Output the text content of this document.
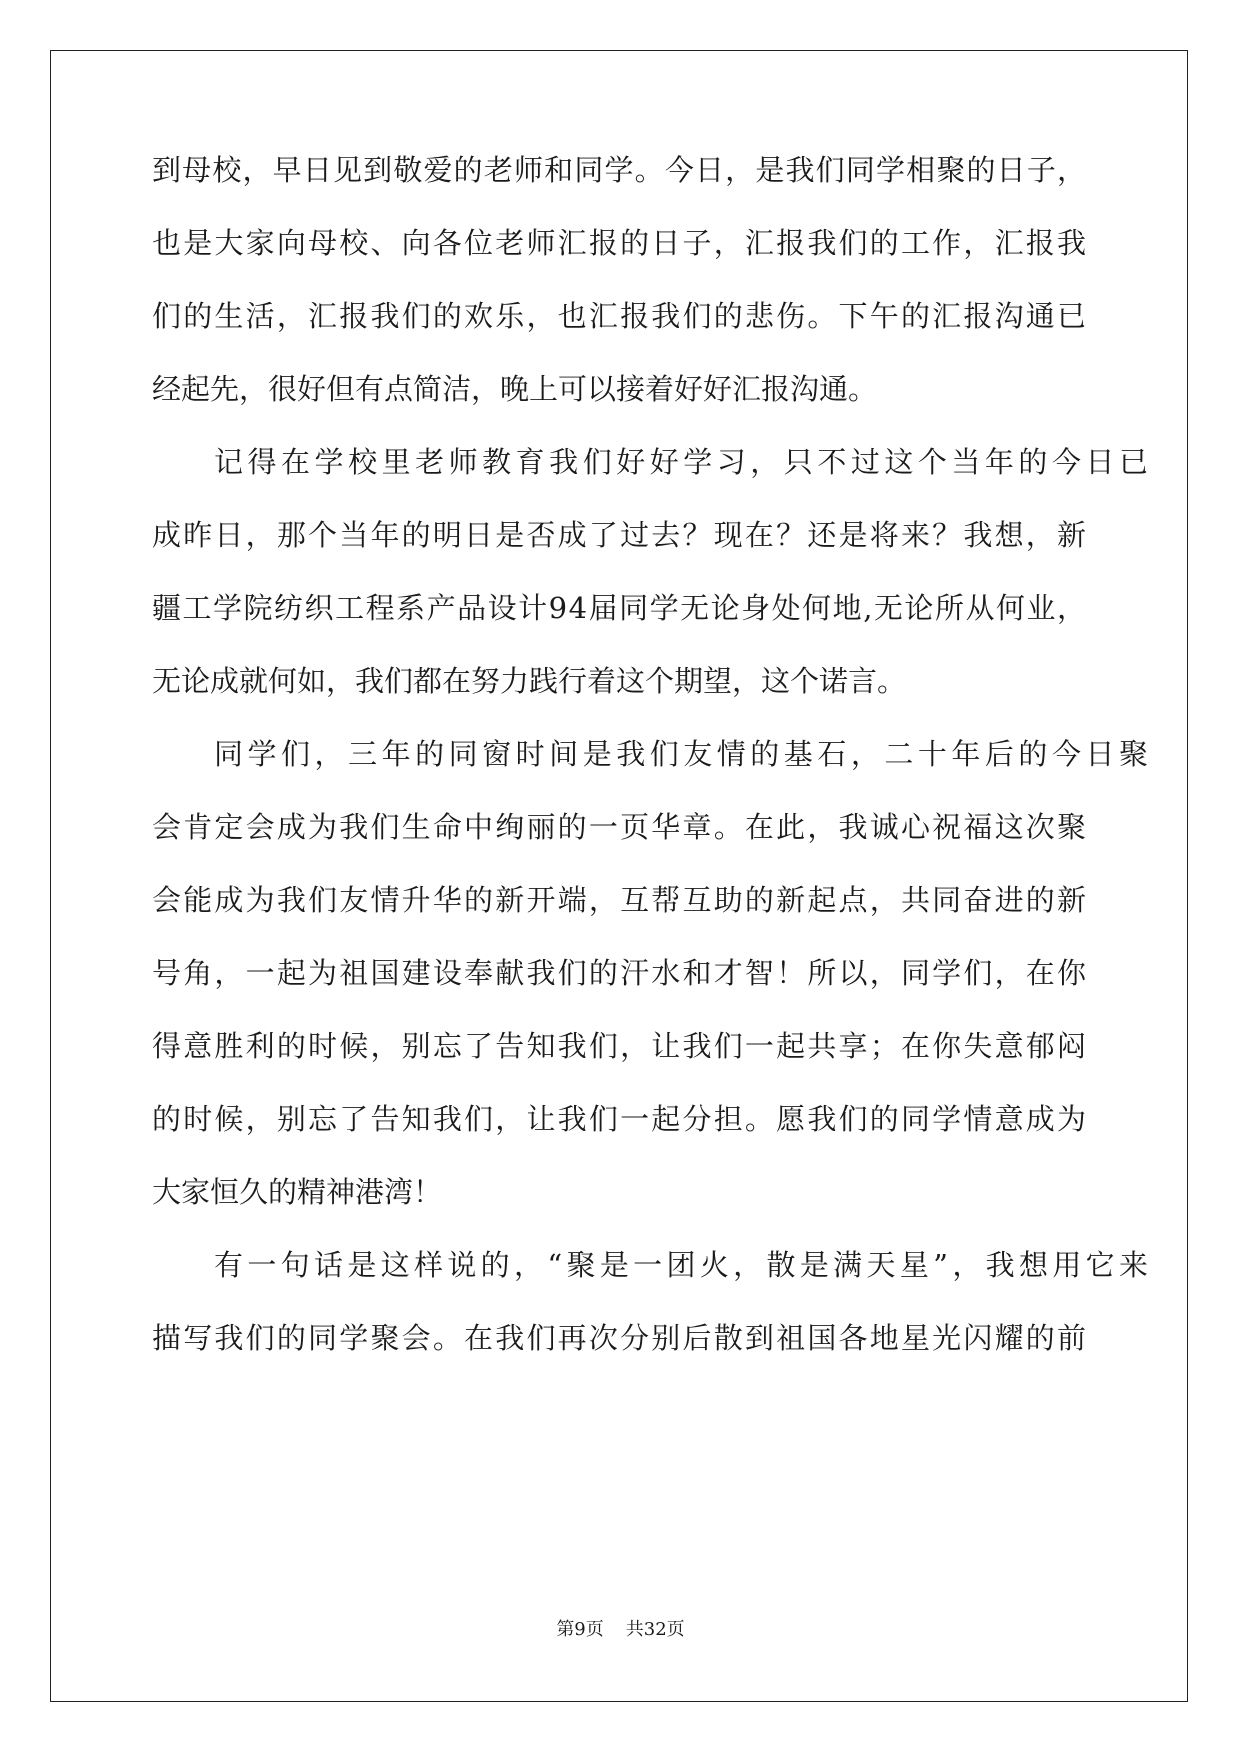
到母校，早日见到敬爱的老师和同学。今日，是我们同学相聚的日子，
也是大家向母校、向各位老师汇报的日子，汇报我们的工作，汇报我
们的生活，汇报我们的欢乐，也汇报我们的悲伤。下午的汇报沟通已
经起先，很好但有点简洁，晚上可以接着好好汇报沟通。
记得在学校里老师教育我们好好学习，只不过这个当年的今日已
成昨日，那个当年的明日是否成了过去？现在？还是将来？我想，新
疆工学院纺织工程系产品设计94届同学无论身处何地,无论所从何业，
无论成就何如，我们都在努力践行着这个期望，这个诺言。
同学们，三年的同窗时间是我们友情的基石，二十年后的今日聚
会肯定会成为我们生命中绚丽的一页华章。在此，我诚心祝福这次聚
会能成为我们友情升华的新开端，互帮互助的新起点，共同奋进的新
号角，一起为祖国建设奉献我们的汗水和才智！所以，同学们，在你
得意胜利的时候，别忘了告知我们，让我们一起共享；在你失意郁闷
的时候，别忘了告知我们，让我们一起分担。愿我们的同学情意成为
大家恒久的精神港湾！
有一句话是这样说的，“聚是一团火，散是满天星”，我想用它来
描写我们的同学聚会。在我们再次分别后散到祖国各地星光闪耀的前
第9页 共32页
